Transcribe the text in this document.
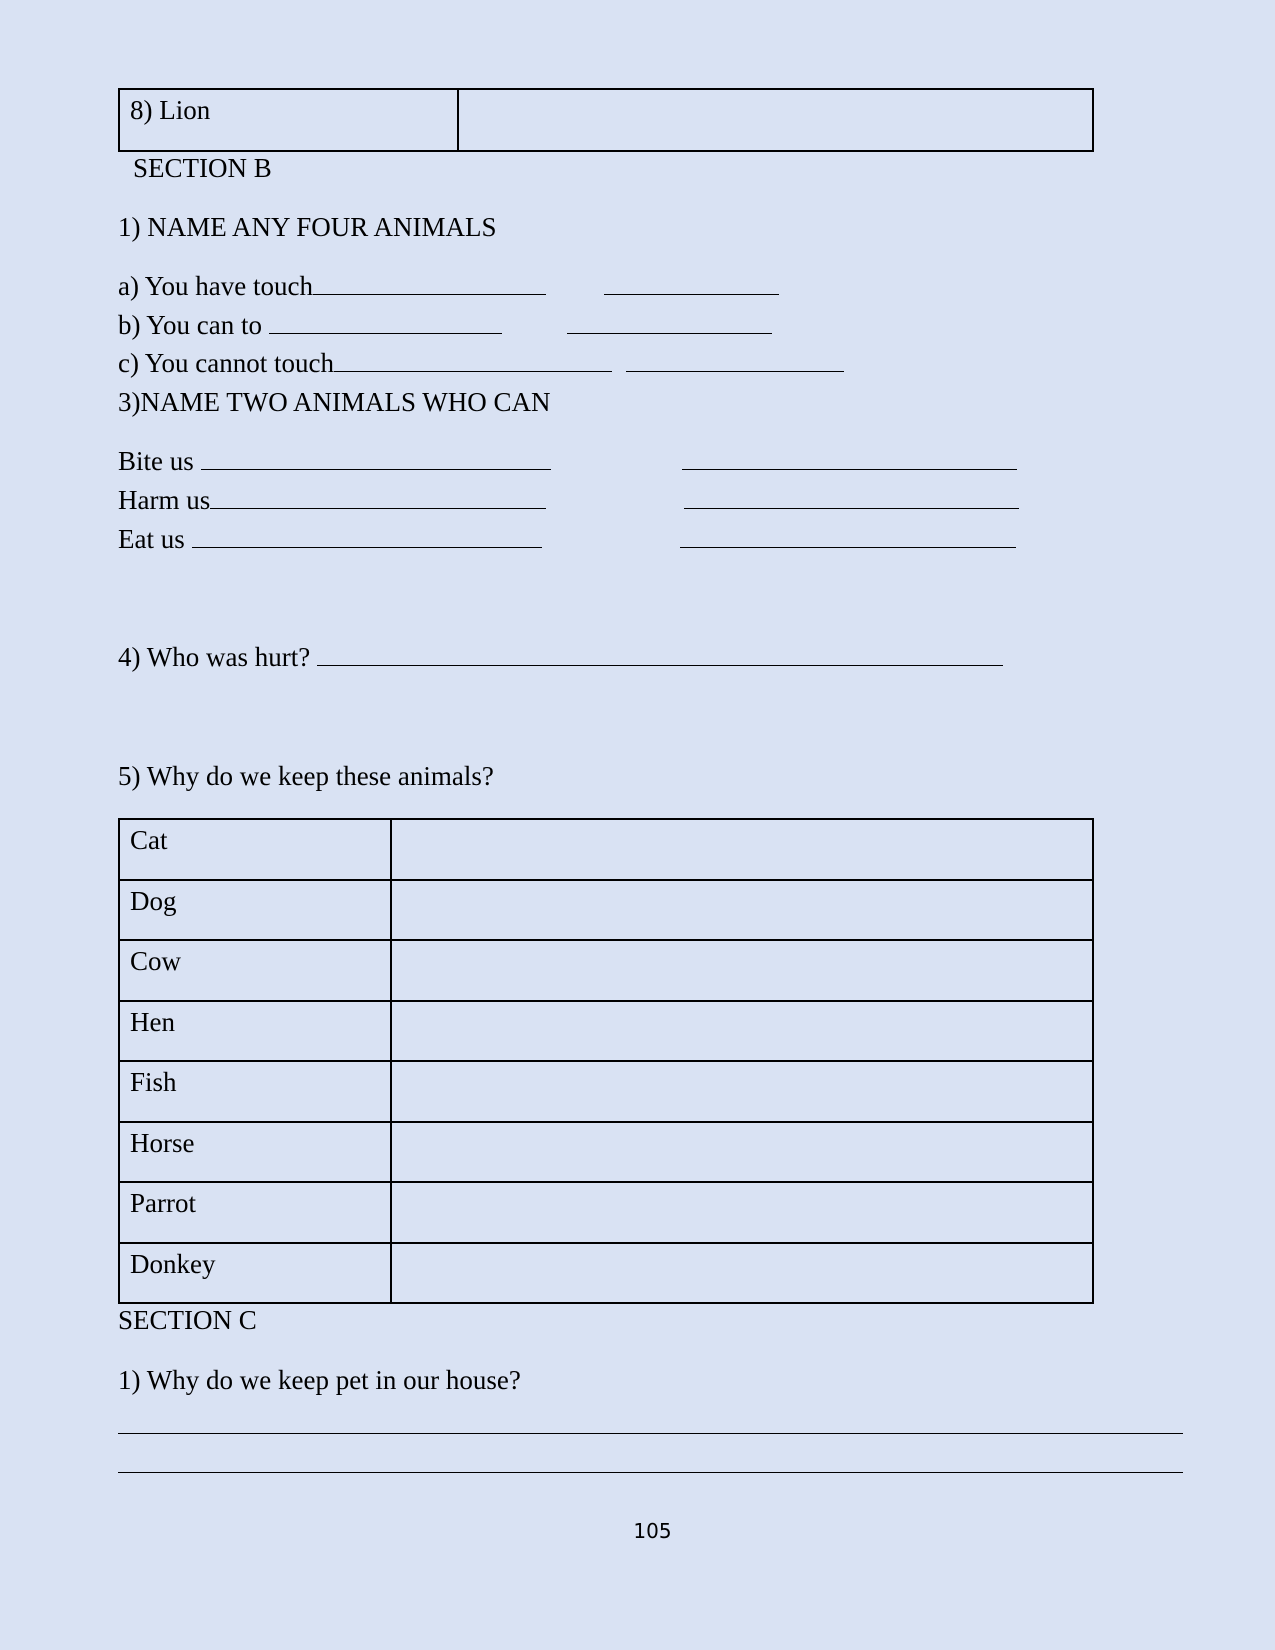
8) Lion	
SECTION B
1) NAME ANY FOUR ANIMALS
a) You have touch
b) You can to
c) You cannot touch
3)NAME TWO ANIMALS WHO CAN
Bite us
Harm us
Eat us
4) Who was hurt?
5) Why do we keep these animals?
Cat	
Dog	
Cow	
Hen	
Fish	
Horse	
Parrot	
Donkey	
SECTION C
1) Why do we keep pet in our house?
105
